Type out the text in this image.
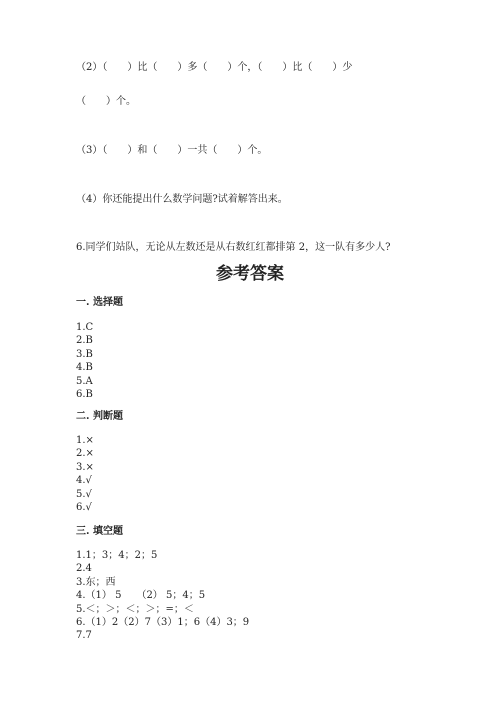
（2）（　　）比（　　）多（　　）个，（　　）比（　　）少
（　　）个。
（3）（　　）和（　　）一共（　　）个。
（4）你还能提出什么数学问题?试着解答出来。
6.同学们站队，无论从左数还是从右数红红都排第 2，这一队有多少人?
参考答案
一. 选择题
1.C
2.B
3.B
4.B
5.A
6.B
二. 判断题
1.×
2.×
3.×
4.√
5.√
6.√
三. 填空题
1.1；3；4；2；5
2.4
3.东；西
4.（1） 5　　（2） 5；4；5
5.＜；＞；＜；＞；=；＜
6.（1）2（2）7（3）1；6（4）3；9
7.7
